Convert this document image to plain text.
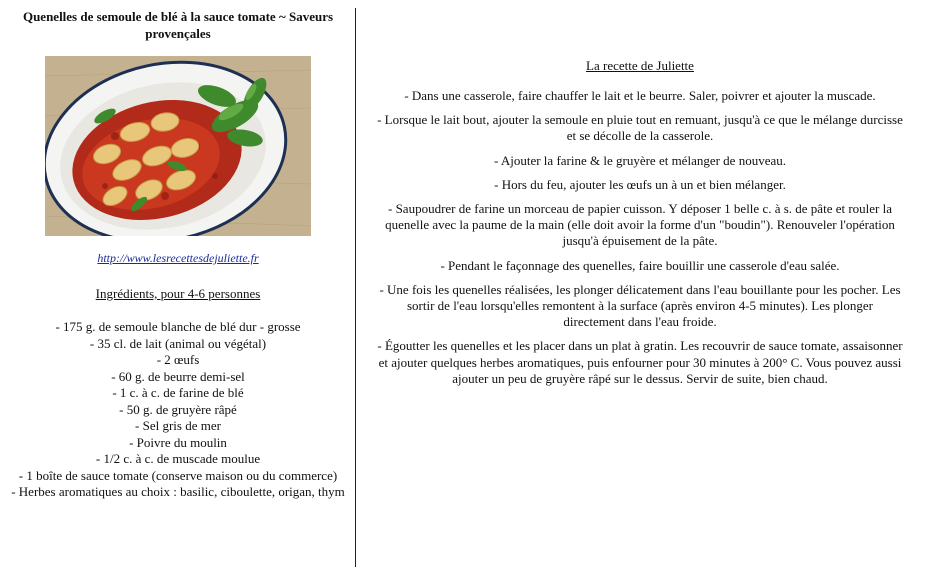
Quenelles de semoule de blé à la sauce tomate ~ Saveurs provençales
http://www.lesrecettesdejuliette.fr
Ingrédients, pour 4-6 personnes
- 175 g. de semoule blanche de blé dur - grosse
- 35 cl. de lait (animal ou végétal)
- 2 œufs
- 60 g. de beurre demi-sel
- 1 c. à c. de farine de blé
- 50 g. de gruyère râpé
- Sel gris de mer
- Poivre du moulin
- 1/2 c. à c. de muscade moulue
- 1 boîte de sauce tomate (conserve maison ou du commerce)
- Herbes aromatiques au choix : basilic, ciboulette, origan, thym
La recette de Juliette

- Dans une casserole, faire chauffer le lait et le beurre. Saler, poivrer et ajouter la muscade.

- Lorsque le lait bout, ajouter la semoule en pluie tout en remuant, jusqu'à ce que le mélange durcisse et se décolle de la casserole.

- Ajouter la farine & le gruyère et mélanger de nouveau.

- Hors du feu, ajouter les œufs un à un et bien mélanger.

- Saupoudrer de farine un morceau de papier cuisson. Y déposer 1 belle c. à s. de pâte et rouler la quenelle avec la paume de la main (elle doit avoir la forme d'un "boudin"). Renouveler l'opération jusqu'à épuisement de la pâte.

- Pendant le façonnage des quenelles, faire bouillir une casserole d'eau salée.

- Une fois les quenelles réalisées, les plonger délicatement dans l'eau bouillante pour les pocher. Les sortir de l'eau lorsqu'elles remontent à la surface (après environ 4-5 minutes). Les plonger directement dans l'eau froide.

- Égoutter les quenelles et les placer dans un plat à gratin. Les recouvrir de sauce tomate, assaisonner et ajouter quelques herbes aromatiques, puis enfourner pour 30 minutes à 200° C. Vous pouvez aussi ajouter un peu de gruyère râpé sur le dessus. Servir de suite, bien chaud.
